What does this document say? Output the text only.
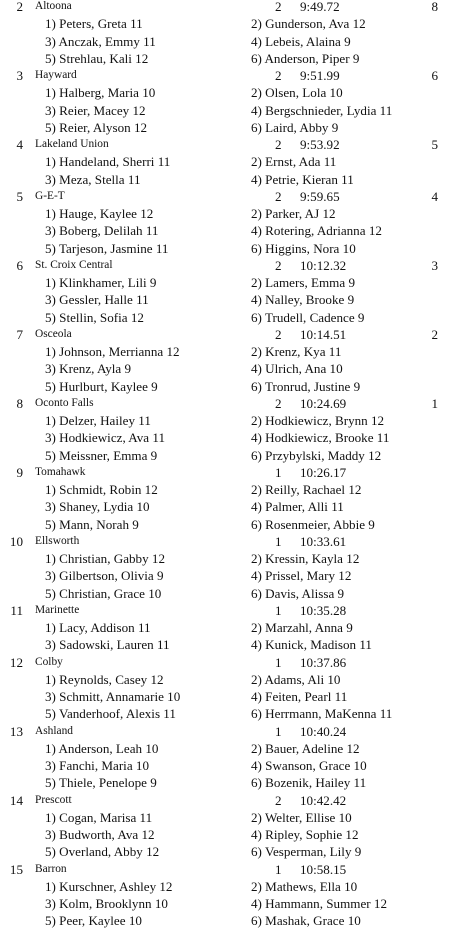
2 Altoona	2 9:49.72	8
1) Peters, Greta 11	2) Gunderson, Ava 12
3) Anczak, Emmy 11	4) Lebeis, Alaina 9
5) Strehlau, Kali 12	6) Anderson, Piper 9
3 Hayward	2 9:51.99	6
1) Halberg, Maria 10	2) Olsen, Lola 10
3) Reier, Macey 12	4) Bergschnieder, Lydia 11
5) Reier, Alyson 12	6) Laird, Abby 9
4 Lakeland Union	2 9:53.92	5
1) Handeland, Sherri 11	2) Ernst, Ada 11
3) Meza, Stella 11	4) Petrie, Kieran 11
5 G-E-T	2 9:59.65	4
1) Hauge, Kaylee 12	2) Parker, AJ 12
3) Boberg, Delilah 11	4) Rotering, Adrianna 12
5) Tarjeson, Jasmine 11	6) Higgins, Nora 10
6 St. Croix Central	2 10:12.32	3
1) Klinkhamer, Lili 9	2) Lamers, Emma 9
3) Gessler, Halle 11	4) Nalley, Brooke 9
5) Stellin, Sofia 12	6) Trudell, Cadence 9
7 Osceola	2 10:14.51	2
1) Johnson, Merrianna 12	2) Krenz, Kya 11
3) Krenz, Ayla 9	4) Ulrich, Ana 10
5) Hurlburt, Kaylee 9	6) Tronrud, Justine 9
8 Oconto Falls	2 10:24.69	1
1) Delzer, Hailey 11	2) Hodkiewicz, Brynn 12
3) Hodkiewicz, Ava 11	4) Hodkiewicz, Brooke 11
5) Meissner, Emma 9	6) Przybylski, Maddy 12
9 Tomahawk	1 10:26.17
1) Schmidt, Robin 12	2) Reilly, Rachael 12
3) Shaney, Lydia 10	4) Palmer, Alli 11
5) Mann, Norah 9	6) Rosenmeier, Abbie 9
10 Ellsworth	1 10:33.61
1) Christian, Gabby 12	2) Kressin, Kayla 12
3) Gilbertson, Olivia 9	4) Prissel, Mary 12
5) Christian, Grace 10	6) Davis, Alissa 9
11 Marinette	1 10:35.28
1) Lacy, Addison 11	2) Marzahl, Anna 9
3) Sadowski, Lauren 11	4) Kunick, Madison 11
12 Colby	1 10:37.86
1) Reynolds, Casey 12	2) Adams, Ali 10
3) Schmitt, Annamarie 10	4) Feiten, Pearl 11
5) Vanderhoof, Alexis 11	6) Herrmann, MaKenna 11
13 Ashland	1 10:40.24
1) Anderson, Leah 10	2) Bauer, Adeline 12
3) Fanchi, Maria 10	4) Swanson, Grace 10
5) Thiele, Penelope 9	6) Bozenik, Hailey 11
14 Prescott	2 10:42.42
1) Cogan, Marisa 11	2) Welter, Ellise 10
3) Budworth, Ava 12	4) Ripley, Sophie 12
5) Overland, Abby 12	6) Vesperman, Lily 9
15 Barron	1 10:58.15
1) Kurschner, Ashley 12	2) Mathews, Ella 10
3) Kolm, Brooklynn 10	4) Hammann, Summer 12
5) Peer, Kaylee 10	6) Mashak, Grace 10
